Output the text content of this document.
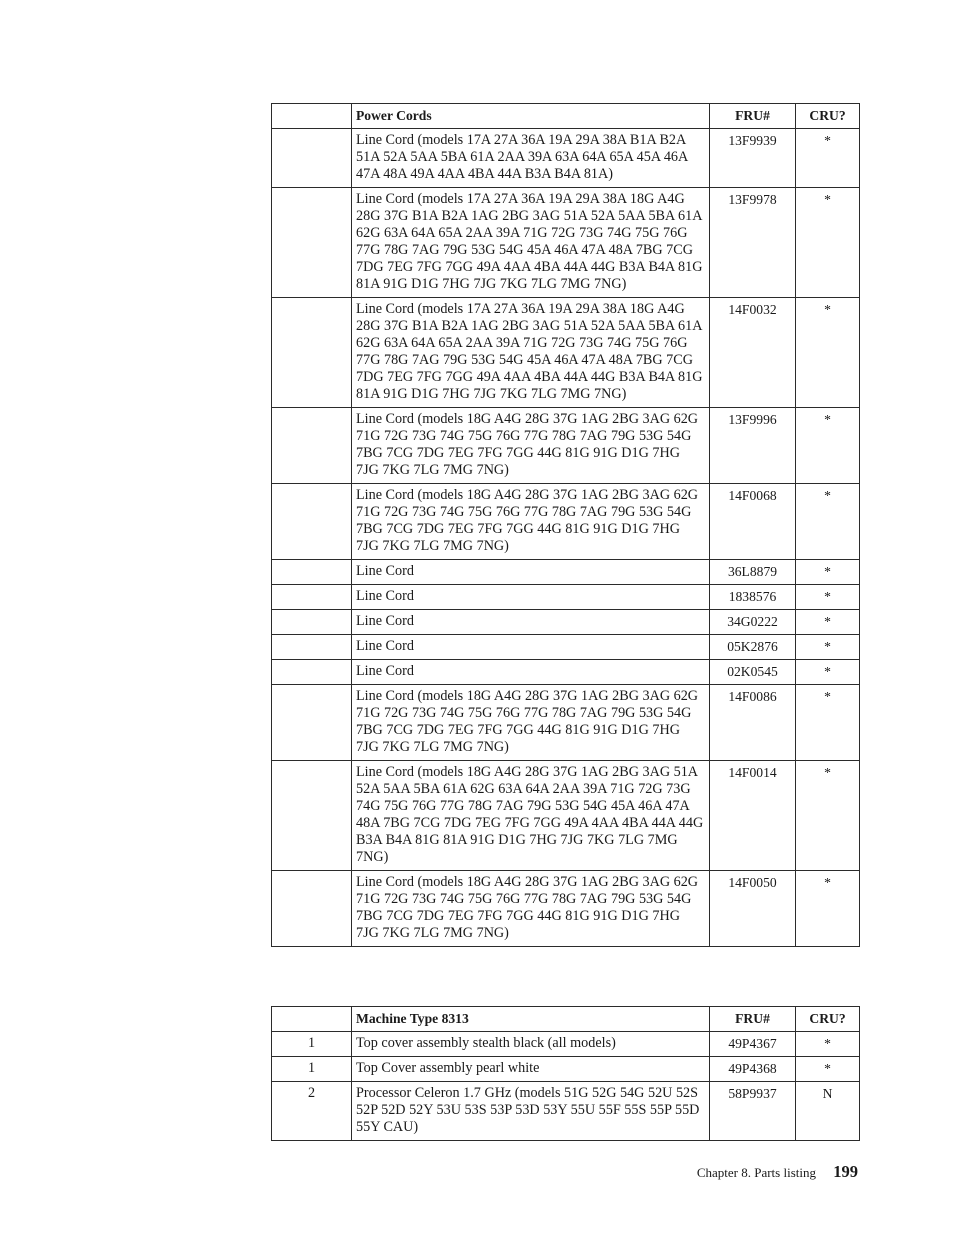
	Power Cords	FRU#	CRU?
	Line Cord (models 17A 27A 36A 19A 29A 38A B1A B2A 51A 52A 5AA 5BA 61A 2AA 39A 63A 64A 65A 45A 46A 47A 48A 49A 4AA 4BA 44A B3A B4A 81A)	13F9939	*
	Line Cord (models 17A 27A 36A 19A 29A 38A 18G A4G 28G 37G B1A B2A 1AG 2BG 3AG 51A 52A 5AA 5BA 61A 62G 63A 64A 65A 2AA 39A 71G 72G 73G 74G 75G 76G 77G 78G 7AG 79G 53G 54G 45A 46A 47A 48A 7BG 7CG 7DG 7EG 7FG 7GG 49A 4AA 4BA 44A 44G B3A B4A 81G 81A 91G D1G 7HG 7JG 7KG 7LG 7MG 7NG)	13F9978	*
	Line Cord (models 17A 27A 36A 19A 29A 38A 18G A4G 28G 37G B1A B2A 1AG 2BG 3AG 51A 52A 5AA 5BA 61A 62G 63A 64A 65A 2AA 39A 71G 72G 73G 74G 75G 76G 77G 78G 7AG 79G 53G 54G 45A 46A 47A 48A 7BG 7CG 7DG 7EG 7FG 7GG 49A 4AA 4BA 44A 44G B3A B4A 81G 81A 91G D1G 7HG 7JG 7KG 7LG 7MG 7NG)	14F0032	*
	Line Cord (models 18G A4G 28G 37G 1AG 2BG 3AG 62G 71G 72G 73G 74G 75G 76G 77G 78G 7AG 79G 53G 54G 7BG 7CG 7DG 7EG 7FG 7GG 44G 81G 91G D1G 7HG 7JG 7KG 7LG 7MG 7NG)	13F9996	*
	Line Cord (models 18G A4G 28G 37G 1AG 2BG 3AG 62G 71G 72G 73G 74G 75G 76G 77G 78G 7AG 79G 53G 54G 7BG 7CG 7DG 7EG 7FG 7GG 44G 81G 91G D1G 7HG 7JG 7KG 7LG 7MG 7NG)	14F0068	*
	Line Cord	36L8879	*
	Line Cord	1838576	*
	Line Cord	34G0222	*
	Line Cord	05K2876	*
	Line Cord	02K0545	*
	Line Cord (models 18G A4G 28G 37G 1AG 2BG 3AG 62G 71G 72G 73G 74G 75G 76G 77G 78G 7AG 79G 53G 54G 7BG 7CG 7DG 7EG 7FG 7GG 44G 81G 91G D1G 7HG 7JG 7KG 7LG 7MG 7NG)	14F0086	*
	Line Cord (models 18G A4G 28G 37G 1AG 2BG 3AG 51A 52A 5AA 5BA 61A 62G 63A 64A 2AA 39A 71G 72G 73G 74G 75G 76G 77G 78G 7AG 79G 53G 54G 45A 46A 47A 48A 7BG 7CG 7DG 7EG 7FG 7GG 49A 4AA 4BA 44A 44G B3A B4A 81G 81A 91G D1G 7HG 7JG 7KG 7LG 7MG 7NG)	14F0014	*
	Line Cord (models 18G A4G 28G 37G 1AG 2BG 3AG 62G 71G 72G 73G 74G 75G 76G 77G 78G 7AG 79G 53G 54G 7BG 7CG 7DG 7EG 7FG 7GG 44G 81G 91G D1G 7HG 7JG 7KG 7LG 7MG 7NG)	14F0050	*
	Machine Type 8313	FRU#	CRU?
1	Top cover assembly stealth black (all models)	49P4367	*
1	Top Cover assembly pearl white	49P4368	*
2	Processor Celeron 1.7 GHz (models 51G 52G 54G 52U 52S 52P 52D 52Y 53U 53S 53P 53D 53Y 55U 55F 55S 55P 55D 55Y CAU)	58P9937	N
Chapter 8. Parts listing 199
